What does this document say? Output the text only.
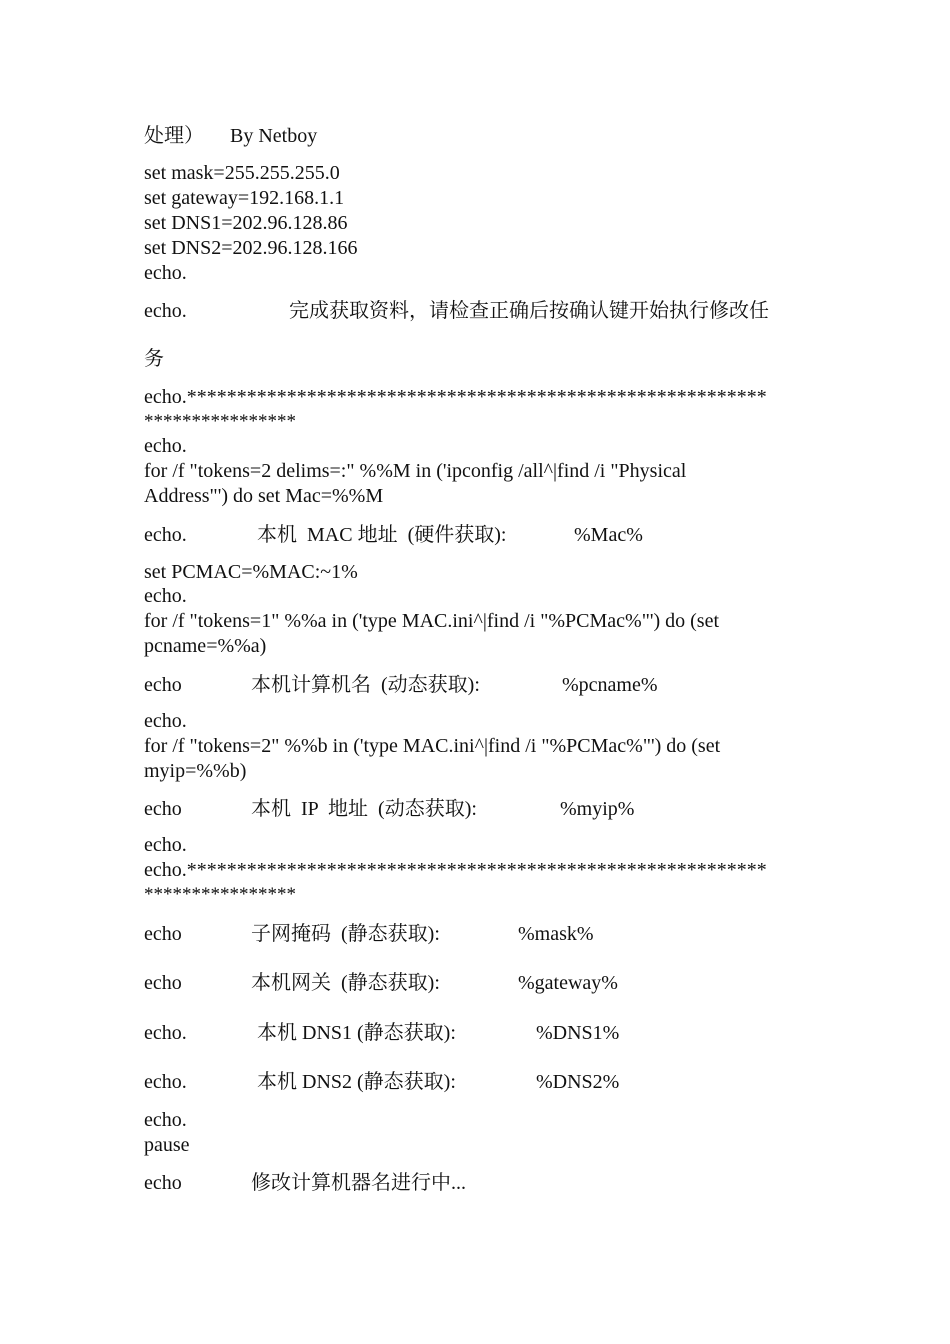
处理） By Netboy
set mask=255.255.255.0
set gateway=192.168.1.1
set DNS1=202.96.128.86
set DNS2=202.96.128.166
echo.
echo.	完成获取资料，请检查正确后按确认键开始执行修改任
务
echo.**********************************************************
****************
echo.
for /f "tokens=2 delims=:" %%M in ('ipconfig /all^|find /i "Physical
Address"') do set Mac=%%M
echo.	本机  MAC 地址  (硬件获取):	%Mac%
set PCMAC=%MAC:~1%
echo.
for /f "tokens=1" %%a in ('type MAC.ini^|find /i "%PCMac%"') do (set
pcname=%%a)
echo	本机计算机名  (动态获取):	%pcname%
echo.
for /f "tokens=2" %%b in ('type MAC.ini^|find /i "%PCMac%"') do (set
myip=%%b)
echo	本机  IP  地址  (动态获取):	%myip%
echo.
echo.**********************************************************
****************
echo	子网掩码  (静态获取):	%mask%
echo	本机网关  (静态获取):	%gateway%
echo.	本机 DNS1 (静态获取):	%DNS1%
echo.	本机 DNS2 (静态获取):	%DNS2%
echo.
pause
echo	修改计算机器名进行中...
